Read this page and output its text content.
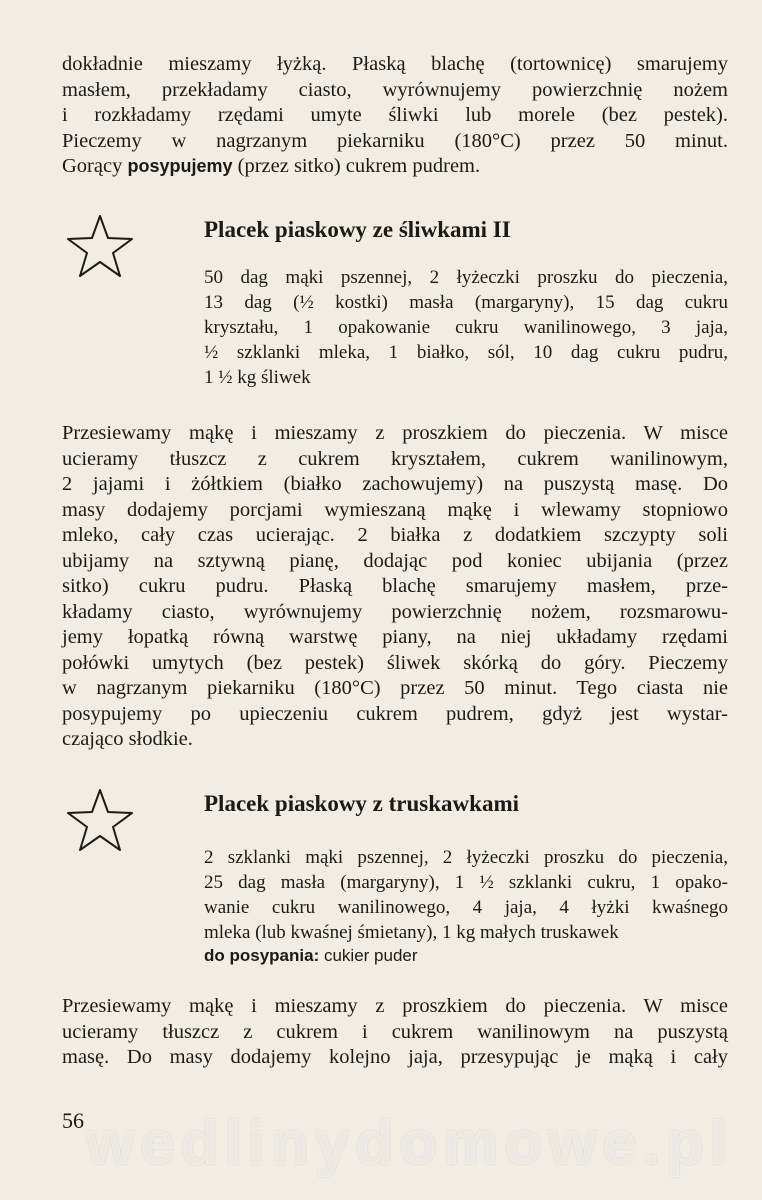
dokładnie mieszamy łyżką. Płaską blachę (tortownicę) smarujemy
masłem, przekładamy ciasto, wyrównujemy powierzchnię nożem
i rozkładamy rzędami umyte śliwki lub morele (bez pestek).
Pieczemy w nagrzanym piekarniku (180°C) przez 50 minut.
Gorący posypujemy (przez sitko) cukrem pudrem.
Placek piaskowy ze śliwkami II
50 dag mąki pszennej, 2 łyżeczki proszku do pieczenia,
13 dag (½ kostki) masła (margaryny), 15 dag cukru
kryształu, 1 opakowanie cukru wanilinowego, 3 jaja,
½ szklanki mleka, 1 białko, sól, 10 dag cukru pudru,
1 ½ kg śliwek
Przesiewamy mąkę i mieszamy z proszkiem do pieczenia. W misce
ucieramy tłuszcz z cukrem kryształem, cukrem wanilinowym,
2 jajami i żółtkiem (białko zachowujemy) na puszystą masę. Do
masy dodajemy porcjami wymieszaną mąkę i wlewamy stopniowo
mleko, cały czas ucierając. 2 białka z dodatkiem szczypty soli
ubijamy na sztywną pianę, dodając pod koniec ubijania (przez
sitko) cukru pudru. Płaską blachę smarujemy masłem, prze-
kładamy ciasto, wyrównujemy powierzchnię nożem, rozsmarowu-
jemy łopatką równą warstwę piany, na niej układamy rzędami
połówki umytych (bez pestek) śliwek skórką do góry. Pieczemy
w nagrzanym piekarniku (180°C) przez 50 minut. Tego ciasta nie
posypujemy po upieczeniu cukrem pudrem, gdyż jest wystar-
czająco słodkie.
Placek piaskowy z truskawkami
2 szklanki mąki pszennej, 2 łyżeczki proszku do pieczenia,
25 dag masła (margaryny), 1 ½ szklanki cukru, 1 opako-
wanie cukru wanilinowego, 4 jaja, 4 łyżki kwaśnego
mleka (lub kwaśnej śmietany), 1 kg małych truskawek
do posypania: cukier puder
Przesiewamy mąkę i mieszamy z proszkiem do pieczenia. W misce
ucieramy tłuszcz z cukrem i cukrem wanilinowym na puszystą
masę. Do masy dodajemy kolejno jaja, przesypując je mąką i cały
wedlinydomowe.pl
56
